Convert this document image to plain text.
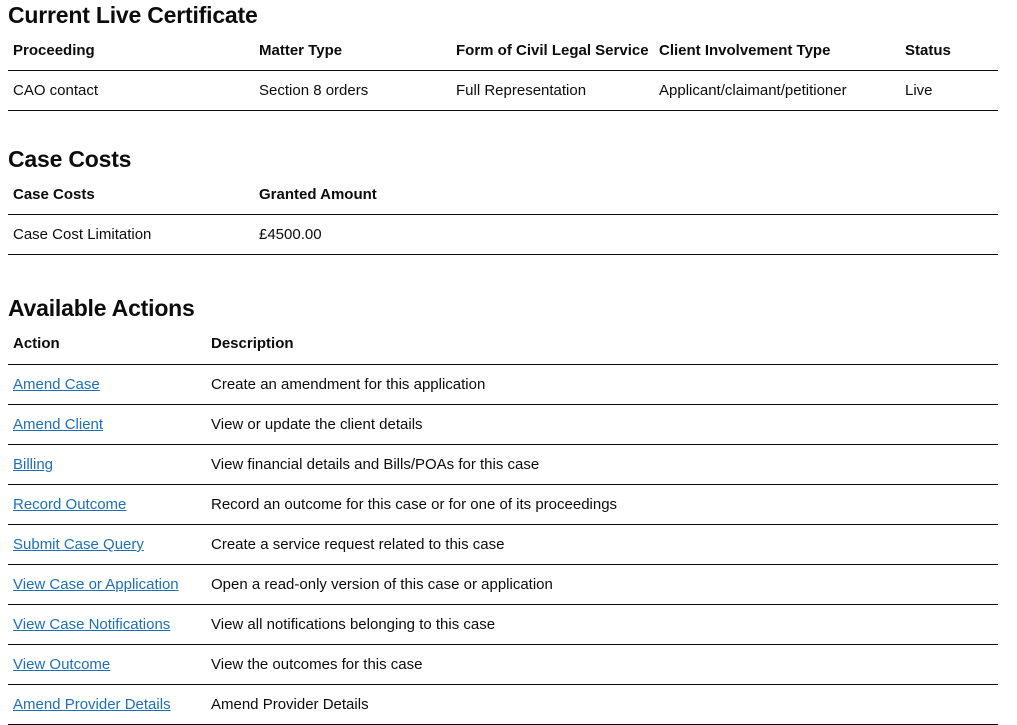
Current Live Certificate
Proceeding	Matter Type	Form of Civil Legal Service	Client Involvement Type	Status
CAO contact	Section 8 orders	Full Representation	Applicant/claimant/petitioner	Live
Case Costs
Case Costs	Granted Amount
Case Cost Limitation	£4500.00
Available Actions
Action	Description
Amend Case	Create an amendment for this application
Amend Client	View or update the client details
Billing	View financial details and Bills/POAs for this case
Record Outcome	Record an outcome for this case or for one of its proceedings
Submit Case Query	Create a service request related to this case
View Case or Application	Open a read-only version of this case or application
View Case Notifications	View all notifications belonging to this case
View Outcome	View the outcomes for this case
Amend Provider Details	Amend Provider Details
